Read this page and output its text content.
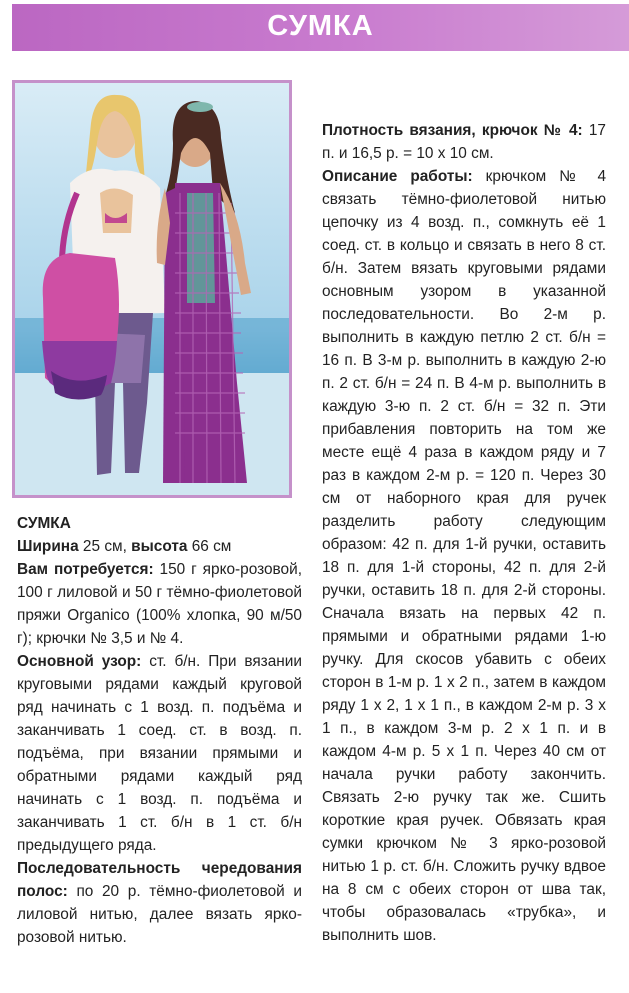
СУМКА

СУМКА

Ширина 25 см, высота 66 см

Вам потребуется: 150 г ярко-розовой, 100 г лиловой и 50 г тёмно-фиолетовой пряжи Organico (100% хлопка, 90 м/50 г); крючки № 3,5 и № 4.

Основной узор: ст. б/н. При вязании круговыми рядами каждый круговой ряд начинать с 1 возд. п. подъёма и заканчивать 1 соед. ст. в возд. п. подъёма, при вязании прямыми и обратными рядами каждый ряд начинать с 1 возд. п. подъёма и заканчивать 1 ст. б/н в 1 ст. б/н предыдущего ряда.

Последовательность чередования полос: по 20 р. тёмно-фиолетовой и лиловой нитью, далее вязать ярко-розовой нитью.

Плотность вязания, крючок № 4: 17 п. и 16,5 р. = 10 х 10 см.

Описание работы: крючком № 4 связать тёмно-фиолетовой нитью цепочку из 4 возд. п., сомкнуть её 1 соед. ст. в кольцо и связать в него 8 ст. б/н. Затем вязать круговыми рядами основным узором в указанной последовательности. Во 2-м р. выполнить в каждую петлю 2 ст. б/н = 16 п. В 3-м р. выполнить в каждую 2-ю п. 2 ст. б/н = 24 п. В 4-м р. выполнить в каждую 3-ю п. 2 ст. б/н = 32 п. Эти прибавления повторить на том же месте ещё 4 раза в каждом ряду и 7 раз в каждом 2-м р. = 120 п. Через 30 см от наборного края для ручек разделить работу следующим образом: 42 п. для 1-й ручки, оставить 18 п. для 1-й стороны, 42 п. для 2-й ручки, оставить 18 п. для 2-й стороны. Сначала вязать на первых 42 п. прямыми и обратными рядами 1-ю ручку. Для скосов убавить с обеих сторон в 1-м р. 1 х 2 п., затем в каждом ряду 1 х 2, 1 х 1 п., в каждом 2-м р. 3 х 1 п., в каждом 3-м р. 2 х 1 п. и в каждом 4-м р. 5 х 1 п. Через 40 см от начала ручки работу закончить. Связать 2-ю ручку так же. Сшить короткие края ручек. Обвязать края сумки крючком № 3 ярко-розовой нитью 1 р. ст. б/н. Сложить ручку вдвое на 8 см с обеих сторон от шва так, чтобы образовалась «трубка», и выполнить шов.
